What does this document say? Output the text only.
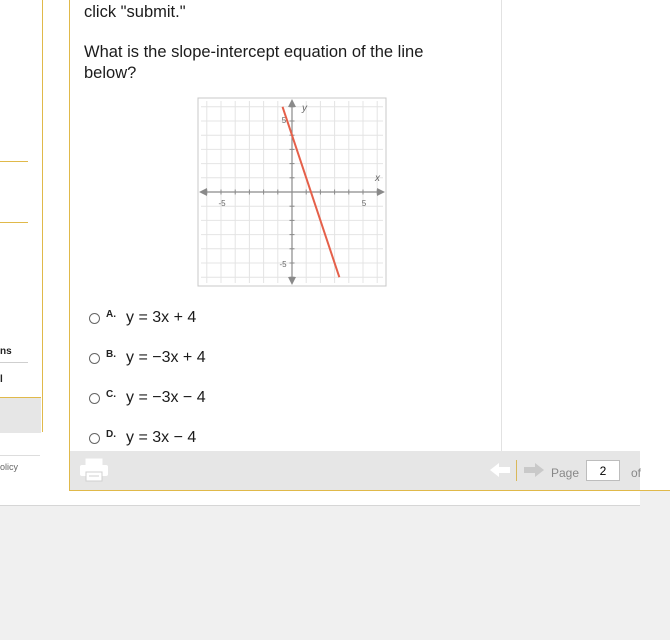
ns
l
olicy
click "submit."
What is the slope-intercept equation of the line below?
x
y
-5	5
5
-5
A. y = 3x + 4
B. y = −3x + 4
C. y = −3x − 4
D. y = 3x − 4
Page
2	of
